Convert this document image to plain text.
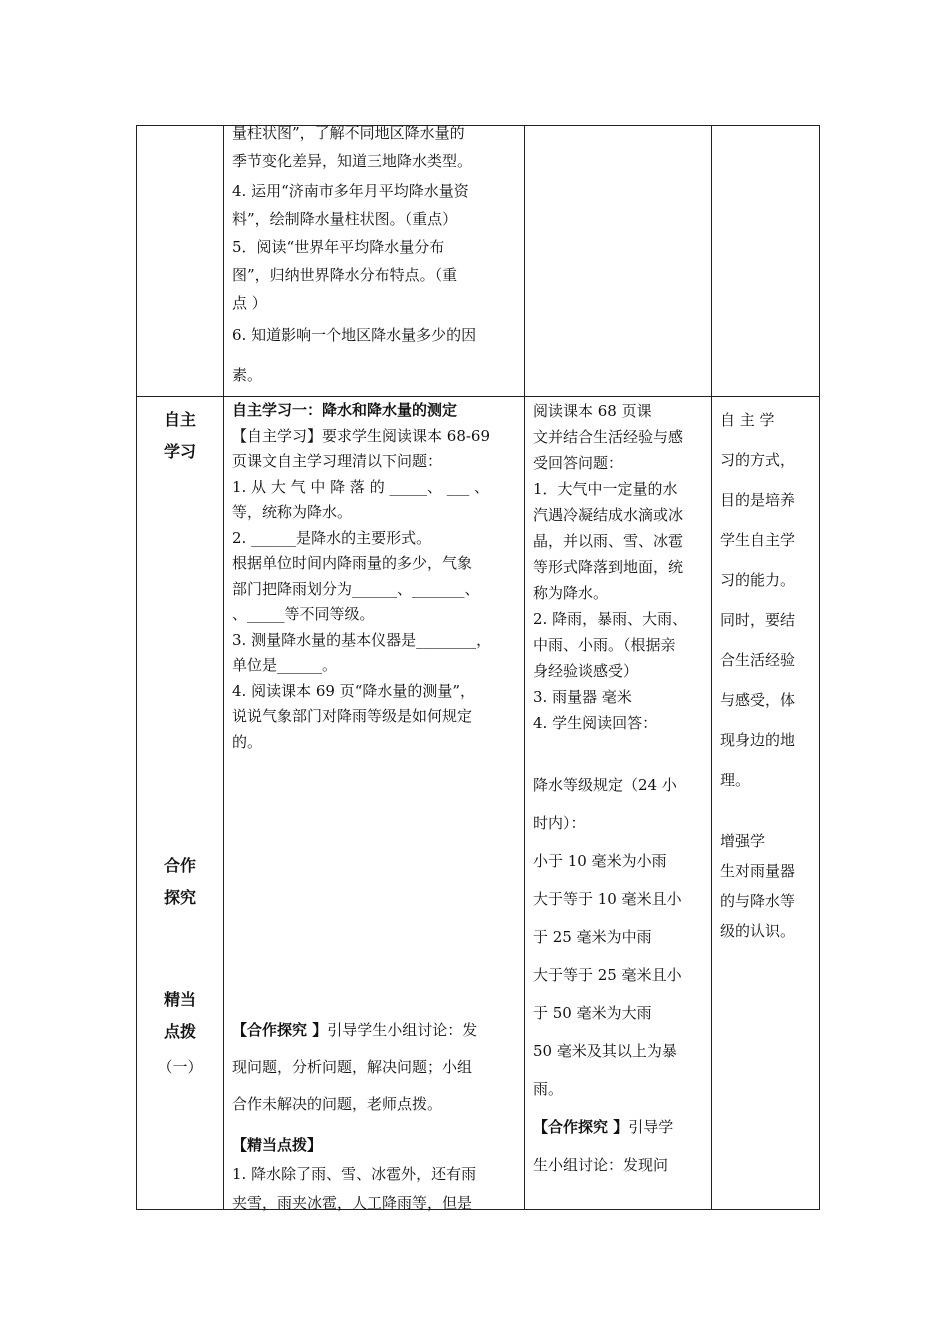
量柱状图”，了解不同地区降水量的
季节变化差异，知道三地降水类型。
4. 运用“济南市多年月平均降水量资
料”，绘制降水量柱状图。（重点）
5．阅读“世界年平均降水量分布
图”，归纳世界降水分布特点。（重
点 ）
6. 知道影响一个地区降水量多少的因
素。
自主
学习
合作
探究
精当
点拨
（一）
自主学习一：降水和降水量的测定
【自主学习】要求学生阅读课本 68-69
页课文自主学习理清以下问题：
1. 从 大 气 中 降 落 的 _____、 ___ 、
等，统称为降水。
2. ______是降水的主要形式。
根据单位时间内降雨量的多少，气象
部门把降雨划分为______、_______、
、_____等不同等级。
3. 测量降水量的基本仪器是________，
单位是______。
4. 阅读课本 69 页“降水量的测量”，
说说气象部门对降雨等级是如何规定
的。
【合作探究 】引导学生小组讨论：发
现问题，分析问题，解决问题；小组
合作未解决的问题，老师点拨。
【精当点拨】
1. 降水除了雨、雪、冰雹外，还有雨
夹雪，雨夹冰雹，人工降雨等，但是
阅读课本 68 页课
文并结合生活经验与感
受回答问题：
1．大气中一定量的水
汽遇冷凝结成水滴或冰
晶，并以雨、雪、冰雹
等形式降落到地面，统
称为降水。
2. 降雨，暴雨、大雨、
中雨、小雨。（根据亲
身经验谈感受）
3. 雨量器 毫米
4. 学生阅读回答：
降水等级规定（24 小
时内）：
小于 10 毫米为小雨
大于等于 10 毫米且小
于 25 毫米为中雨
大于等于 25 毫米且小
于 50 毫米为大雨
50 毫米及其以上为暴
雨。
【合作探究 】引导学
生小组讨论：发现问
自 主 学
习的方式，
目的是培养
学生自主学
习的能力。
同时，要结
合生活经验
与感受，体
现身边的地
理。
增强学
生对雨量器
的与降水等
级的认识。
